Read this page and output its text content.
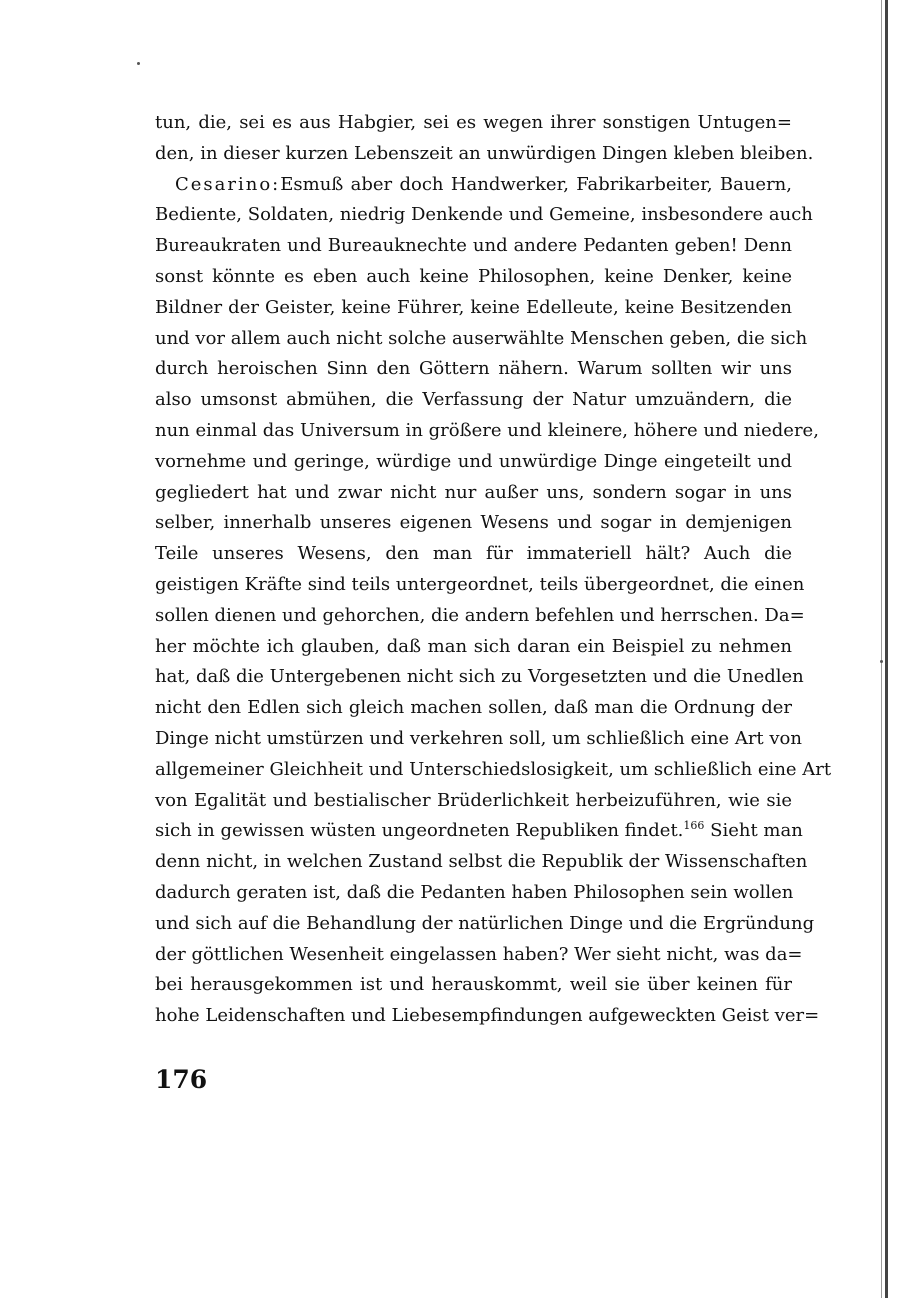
tun, die, sei es aus Habgier, sei es wegen ihrer sonstigen Untugen=
den, in dieser kurzen Lebenszeit an unwürdigen Dingen kleben bleiben.
Cesarino:Esmuß aber doch Handwerker, Fabrikarbeiter, Bauern,
Bediente, Soldaten, niedrig Denkende und Gemeine, insbesondere auch
Bureaukraten und Bureauknechte und andere Pedanten geben! Denn
sonst könnte es eben auch keine Philosophen, keine Denker, keine
Bildner der Geister, keine Führer, keine Edelleute, keine Besitzenden
und vor allem auch nicht solche auserwählte Menschen geben, die sich
durch heroischen Sinn den Göttern nähern. Warum sollten wir uns
also umsonst abmühen, die Verfassung der Natur umzuändern, die
nun einmal das Universum in größere und kleinere, höhere und niedere,
vornehme und geringe, würdige und unwürdige Dinge eingeteilt und
gegliedert hat und zwar nicht nur außer uns, sondern sogar in uns
selber, innerhalb unseres eigenen Wesens und sogar in demjenigen
Teile unseres Wesens, den man für immateriell hält? Auch die
geistigen Kräfte sind teils untergeordnet, teils übergeordnet, die einen
sollen dienen und gehorchen, die andern befehlen und herrschen. Da=
her möchte ich glauben, daß man sich daran ein Beispiel zu nehmen
hat, daß die Untergebenen nicht sich zu Vorgesetzten und die Unedlen
nicht den Edlen sich gleich machen sollen, daß man die Ordnung der
Dinge nicht umstürzen und verkehren soll, um schließlich eine Art von
allgemeiner Gleichheit und Unterschiedslosigkeit, um schließlich eine Art
von Egalität und bestialischer Brüderlichkeit herbeizuführen, wie sie
sich in gewissen wüsten ungeordneten Republiken findet.$^{166}$ Sieht man
denn nicht, in welchen Zustand selbst die Republik der Wissenschaften
dadurch geraten ist, daß die Pedanten haben Philosophen sein wollen
und sich auf die Behandlung der natürlichen Dinge und die Ergründung
der göttlichen Wesenheit eingelassen haben? Wer sieht nicht, was da=
bei herausgekommen ist und herauskommt, weil sie über keinen für
hohe Leidenschaften und Liebesempfindungen aufgeweckten Geist ver=
176
